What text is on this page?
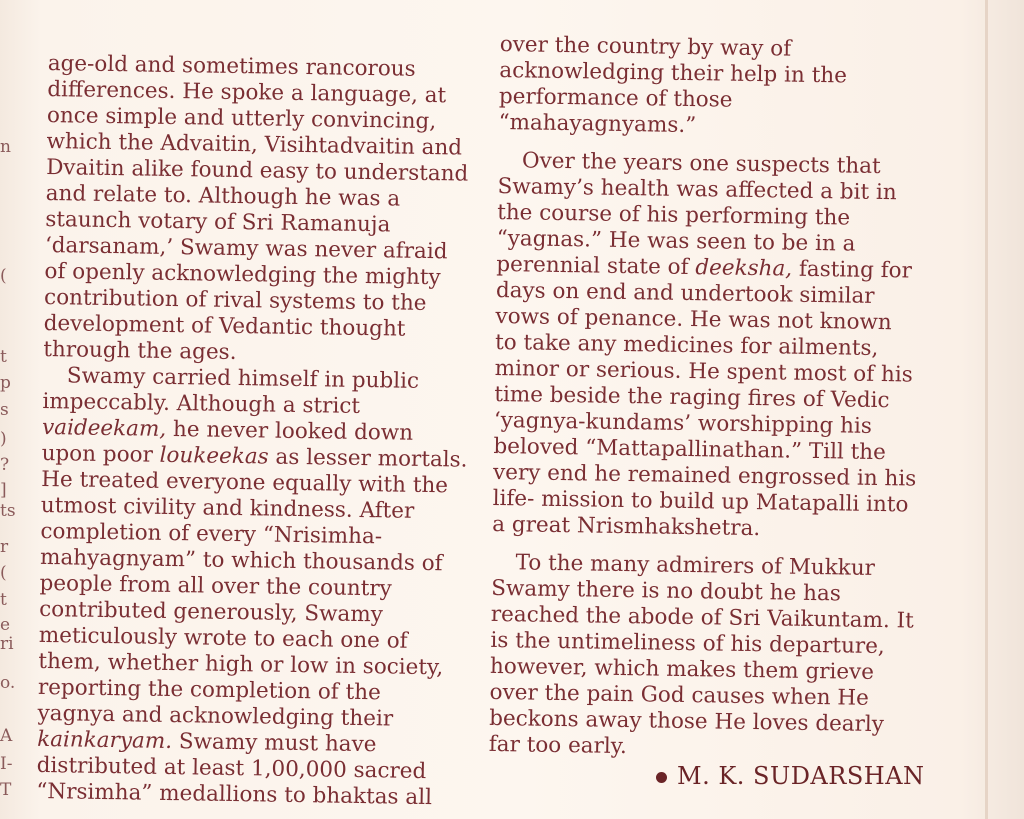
n
(
t
p
s
)
?
]
ts
r
(
t
e
ri
o.
A
I-
T
age-old and sometimes rancorous
differences. He spoke a language, at
once simple and utterly convincing,
which the Advaitin, Visihtadvaitin and
Dvaitin alike found easy to understand
and relate to. Although he was a
staunch votary of Sri Ramanuja
‘darsanam,’ Swamy was never afraid
of openly acknowledging the mighty
contribution of rival systems to the
development of Vedantic thought
through the ages.
Swamy carried himself in public
impeccably. Although a strict
vaideekam, he never looked down
upon poor loukeekas as lesser mortals.
He treated everyone equally with the
utmost civility and kindness. After
completion of every “Nrisimha-
mahyagnyam” to which thousands of
people from all over the country
contributed generously, Swamy
meticulously wrote to each one of
them, whether high or low in society,
reporting the completion of the
yagnya and acknowledging their
kainkaryam. Swamy must have
distributed at least 1,00,000 sacred
“Nrsimha” medallions to bhaktas all
over the country by way of
acknowledging their help in the
performance of those
“mahayagnyams.”
Over the years one suspects that
Swamy’s health was affected a bit in
the course of his performing the
“yagnas.” He was seen to be in a
perennial state of deeksha, fasting for
days on end and undertook similar
vows of penance. He was not known
to take any medicines for ailments,
minor or serious. He spent most of his
time beside the raging fires of Vedic
‘yagnya-kundams’ worshipping his
beloved “Mattapallinathan.” Till the
very end he remained engrossed in his
life- mission to build up Matapalli into
a great Nrismhakshetra.
To the many admirers of Mukkur
Swamy there is no doubt he has
reached the abode of Sri Vaikuntam. It
is the untimeliness of his departure,
however, which makes them grieve
over the pain God causes when He
beckons away those He loves dearly
far too early.
M. K. SUDARSHAN
